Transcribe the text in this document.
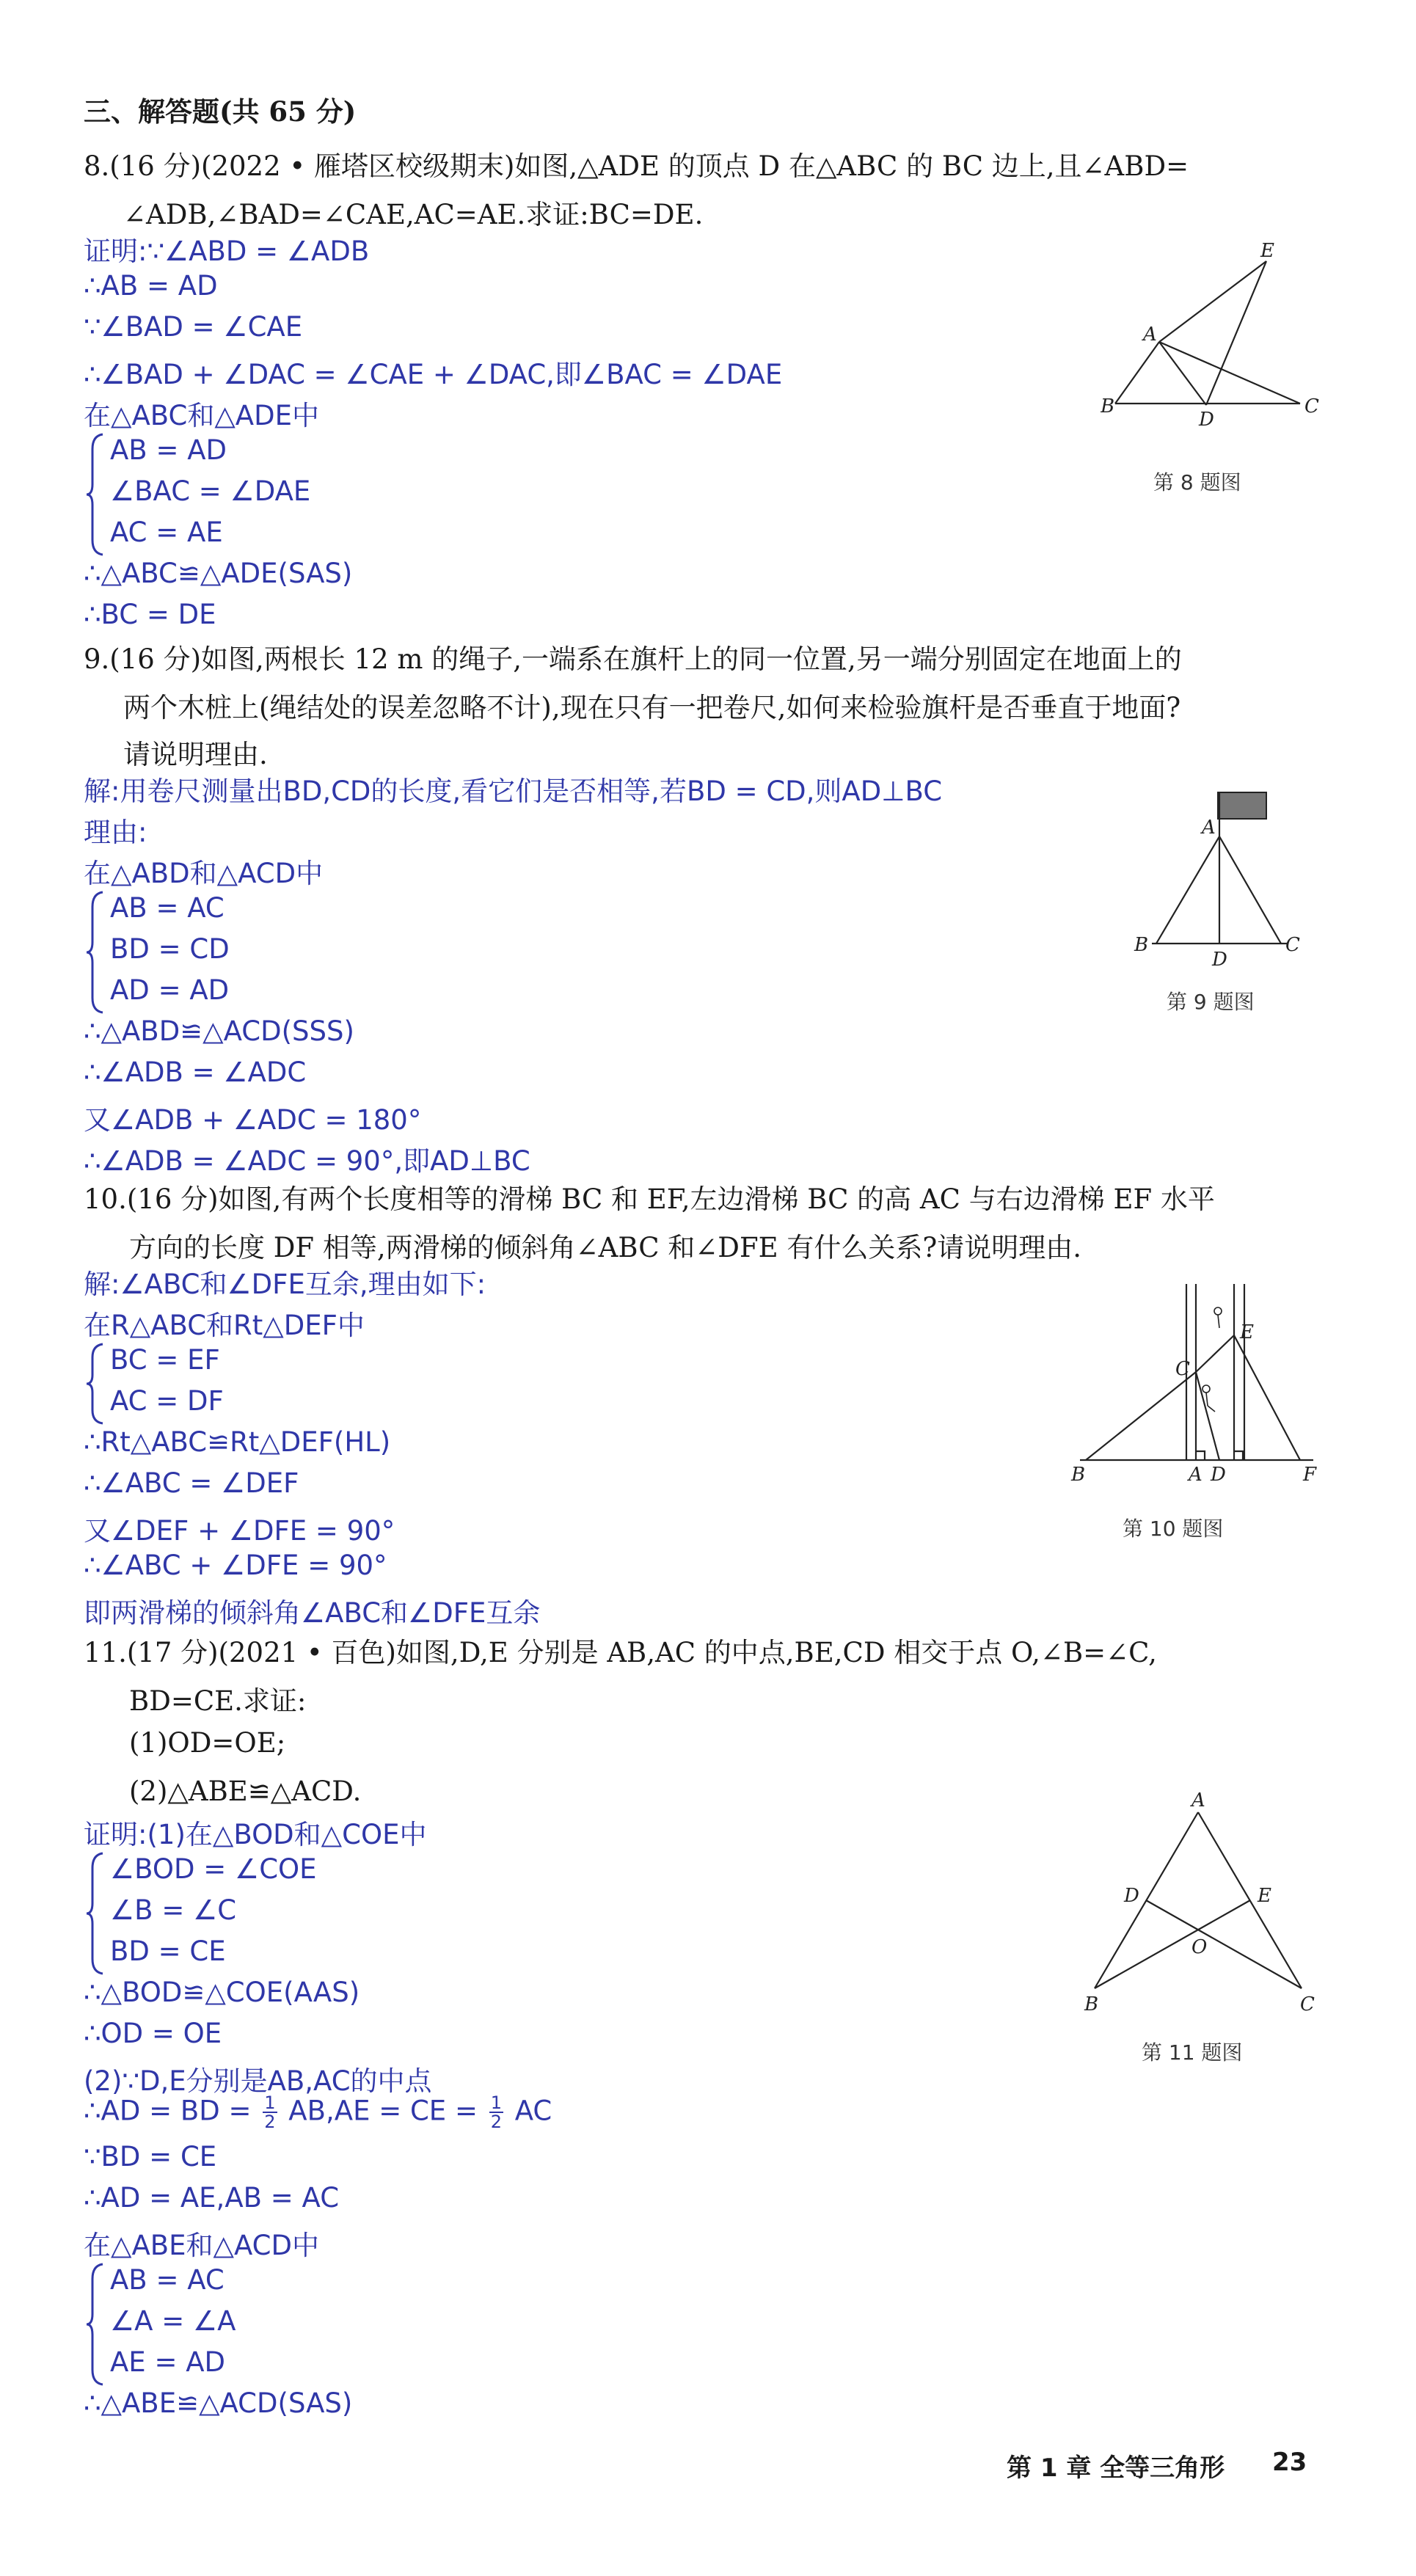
三、解答题(共 65 分)
8.(16 分)(2022 • 雁塔区校级期末)如图,△ADE 的顶点 D 在△ABC 的 BC 边上,且∠ABD=
∠ADB,∠BAD=∠CAE,AC=AE.求证:BC=DE.
证明:∵∠ABD = ∠ADB
∴AB = AD
∵∠BAD = ∠CAE
∴∠BAD + ∠DAC = ∠CAE + ∠DAC,即∠BAC = ∠DAE
在△ABC和△ADE中
AB = AD
∠BAC = ∠DAE
AC = AE
∴△ABC≌△ADE(SAS)
∴BC = DE
A
B	C
D
E
第 8 题图
9.(16 分)如图,两根长 12 m 的绳子,一端系在旗杆上的同一位置,另一端分别固定在地面上的
两个木桩上(绳结处的误差忽略不计),现在只有一把卷尺,如何来检验旗杆是否垂直于地面?
请说明理由.
解:用卷尺测量出BD,CD的长度,看它们是否相等,若BD = CD,则AD⊥BC
理由:
在△ABD和△ACD中
AB = AC
BD = CD
AD = AD
∴△ABD≌△ACD(SSS)
∴∠ADB = ∠ADC
又∠ADB + ∠ADC = 180°
∴∠ADB = ∠ADC = 90°,即AD⊥BC
A
B	C
D
第 9 题图
10.(16 分)如图,有两个长度相等的滑梯 BC 和 EF,左边滑梯 BC 的高 AC 与右边滑梯 EF 水平
方向的长度 DF 相等,两滑梯的倾斜角∠ABC 和∠DFE 有什么关系?请说明理由.
解:∠ABC和∠DFE互余,理由如下:
在R△ABC和Rt△DEF中
BC = EF
AC = DF
∴Rt△ABC≌Rt△DEF(HL)
∴∠ABC = ∠DEF
又∠DEF + ∠DFE = 90°
∴∠ABC + ∠DFE = 90°
即两滑梯的倾斜角∠ABC和∠DFE互余
B	A D	F
C
E
第 10 题图
11.(17 分)(2021 • 百色)如图,D,E 分别是 AB,AC 的中点,BE,CD 相交于点 O,∠B=∠C,
BD=CE.求证:
(1)OD=OE;
(2)△ABE≌△ACD.
证明:(1)在△BOD和△COE中
∠BOD = ∠COE
∠B = ∠C
BD = CE
∴△BOD≌△COE(AAS)
∴OD = OE
(2)∵D,E分别是AB,AC的中点
∴AD = BD = $\frac{1}{2} AB,AE$ = CE = $\frac{1}{2}$ AC
∵BD = CE
∴AD = AE,AB = AC
在△ABE和△ACD中
AB = AC
∠A = ∠A
AE = AD
∴△ABE≌△ACD(SAS)
A
D	E
O
B	C
第 11 题图
第 1 章 全等三角形 23
